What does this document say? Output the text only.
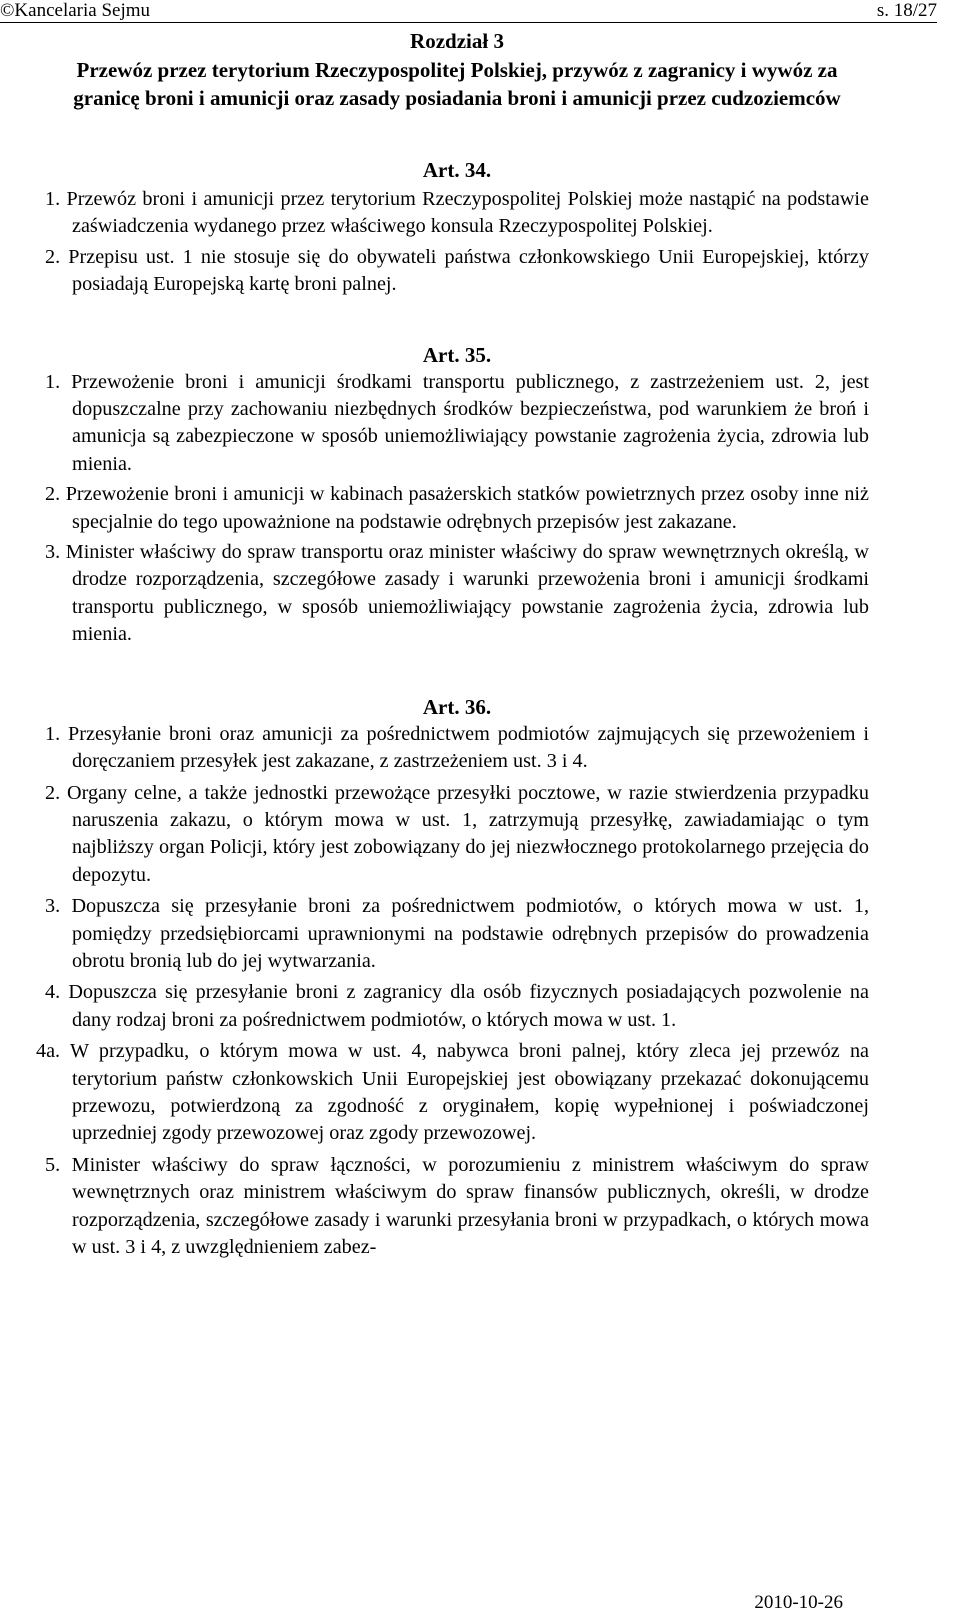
©Kancelaria Sejmu	s. 18/27
Rozdział 3
Przewóz przez terytorium Rzeczypospolitej Polskiej, przywóz z zagranicy i wywóz za granicę broni i amunicji oraz zasady posiadania broni i amunicji przez cudzoziemców
Art. 34.

1. Przewóz broni i amunicji przez terytorium Rzeczypospolitej Polskiej może nastąpić na podstawie zaświadczenia wydanego przez właściwego konsula Rzeczypospolitej Polskiej.

2. Przepisu ust. 1 nie stosuje się do obywateli państwa członkowskiego Unii Europejskiej, którzy posiadają Europejską kartę broni palnej.

Art. 35.

1. Przewożenie broni i amunicji środkami transportu publicznego, z zastrzeżeniem ust. 2, jest dopuszczalne przy zachowaniu niezbędnych środków bezpieczeństwa, pod warunkiem że broń i amunicja są zabezpieczone w sposób uniemożliwiający powstanie zagrożenia życia, zdrowia lub mienia.

2. Przewożenie broni i amunicji w kabinach pasażerskich statków powietrznych przez osoby inne niż specjalnie do tego upoważnione na podstawie odrębnych przepisów jest zakazane.

3. Minister właściwy do spraw transportu oraz minister właściwy do spraw wewnętrznych określą, w drodze rozporządzenia, szczegółowe zasady i warunki przewożenia broni i amunicji środkami transportu publicznego, w sposób uniemożliwiający powstanie zagrożenia życia, zdrowia lub mienia.

Art. 36.

1. Przesyłanie broni oraz amunicji za pośrednictwem podmiotów zajmujących się przewożeniem i doręczaniem przesyłek jest zakazane, z zastrzeżeniem ust. 3 i 4.

2. Organy celne, a także jednostki przewożące przesyłki pocztowe, w razie stwierdzenia przypadku naruszenia zakazu, o którym mowa w ust. 1, zatrzymują przesyłkę, zawiadamiając o tym najbliższy organ Policji, który jest zobowiązany do jej niezwłocznego protokolarnego przejęcia do depozytu.

3. Dopuszcza się przesyłanie broni za pośrednictwem podmiotów, o których mowa w ust. 1, pomiędzy przedsiębiorcami uprawnionymi na podstawie odrębnych przepisów do prowadzenia obrotu bronią lub do jej wytwarzania.

4. Dopuszcza się przesyłanie broni z zagranicy dla osób fizycznych posiadających pozwolenie na dany rodzaj broni za pośrednictwem podmiotów, o których mowa w ust. 1.

4a. W przypadku, o którym mowa w ust. 4, nabywca broni palnej, który zleca jej przewóz na terytorium państw członkowskich Unii Europejskiej jest obowiązany przekazać dokonującemu przewozu, potwierdzoną za zgodność z oryginałem, kopię wypełnionej i poświadczonej uprzedniej zgody przewozowej oraz zgody przewozowej.

5. Minister właściwy do spraw łączności, w porozumieniu z ministrem właściwym do spraw wewnętrznych oraz ministrem właściwym do spraw finansów publicznych, określi, w drodze rozporządzenia, szczegółowe zasady i warunki przesyłania broni w przypadkach, o których mowa w ust. 3 i 4, z uwzględnieniem zabez-

2010-10-26
